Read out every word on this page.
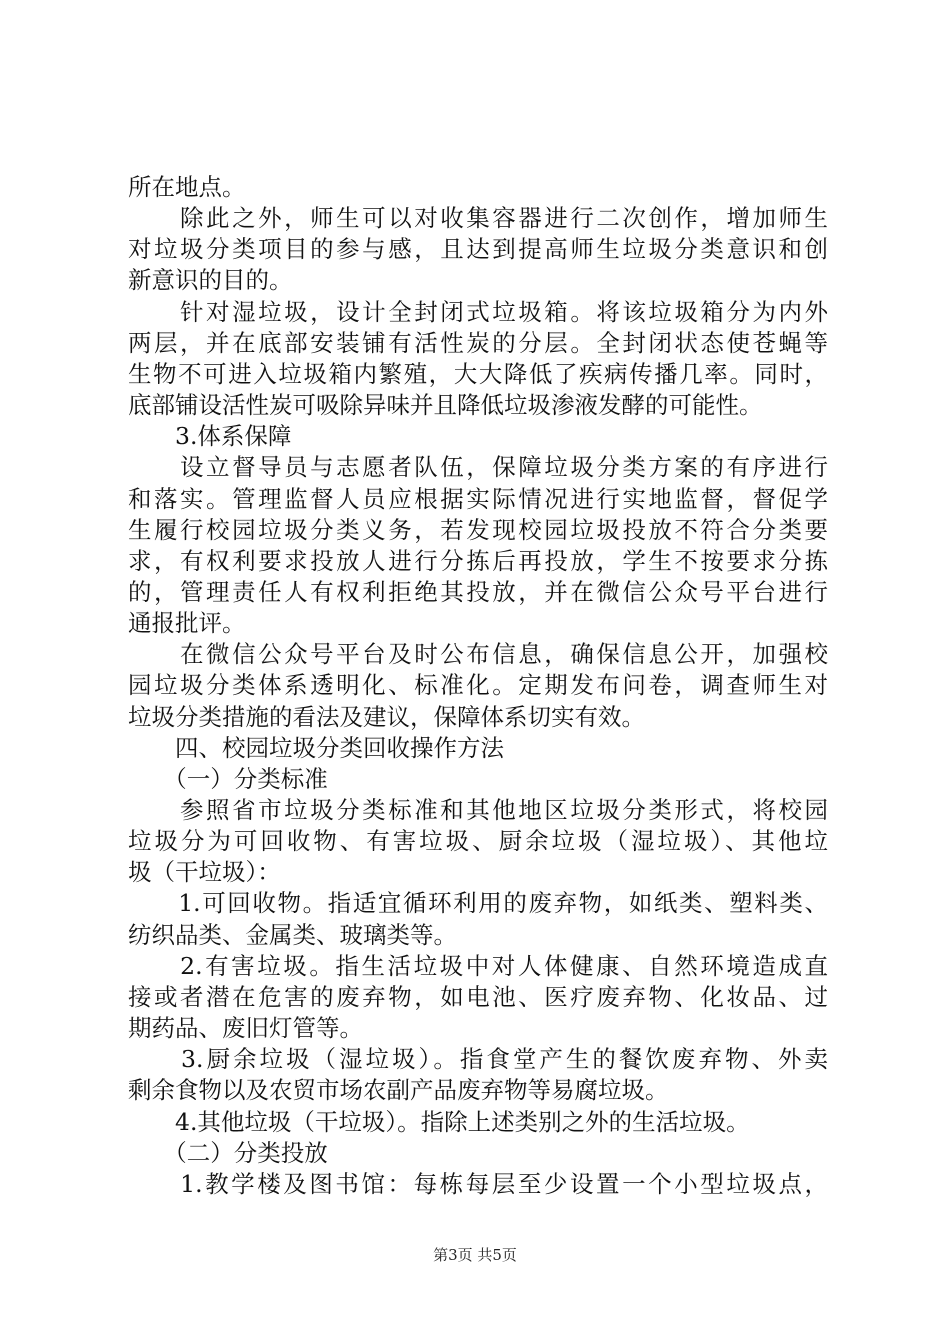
所在地点。
　　除此之外，师生可以对收集容器进行二次创作，增加师生
对垃圾分类项目的参与感，且达到提高师生垃圾分类意识和创
新意识的目的。
　　针对湿垃圾，设计全封闭式垃圾箱。将该垃圾箱分为内外
两层，并在底部安装铺有活性炭的分层。全封闭状态使苍蝇等
生物不可进入垃圾箱内繁殖，大大降低了疾病传播几率。同时，
底部铺设活性炭可吸除异味并且降低垃圾渗液发酵的可能性。
　　3.体系保障
　　设立督导员与志愿者队伍，保障垃圾分类方案的有序进行
和落实。管理监督人员应根据实际情况进行实地监督，督促学
生履行校园垃圾分类义务，若发现校园垃圾投放不符合分类要
求，有权利要求投放人进行分拣后再投放，学生不按要求分拣
的，管理责任人有权利拒绝其投放，并在微信公众号平台进行
通报批评。
　　在微信公众号平台及时公布信息，确保信息公开，加强校
园垃圾分类体系透明化、标准化。定期发布问卷，调查师生对
垃圾分类措施的看法及建议，保障体系切实有效。
　　四、校园垃圾分类回收操作方法
　　（一）分类标准
　　参照省市垃圾分类标准和其他地区垃圾分类形式，将校园
垃圾分为可回收物、有害垃圾、厨余垃圾（湿垃圾）、其他垃
圾（干垃圾）：
　　1.可回收物。指适宜循环利用的废弃物，如纸类、塑料类、
纺织品类、金属类、玻璃类等。
　　2.有害垃圾。指生活垃圾中对人体健康、自然环境造成直
接或者潜在危害的废弃物，如电池、医疗废弃物、化妆品、过
期药品、废旧灯管等。
　　3.厨余垃圾（湿垃圾）。指食堂产生的餐饮废弃物、外卖
剩余食物以及农贸市场农副产品废弃物等易腐垃圾。
　　4.其他垃圾（干垃圾）。指除上述类别之外的生活垃圾。
　　（二）分类投放
　　1.教学楼及图书馆：每栋每层至少设置一个小型垃圾点，
第3页 共5页
